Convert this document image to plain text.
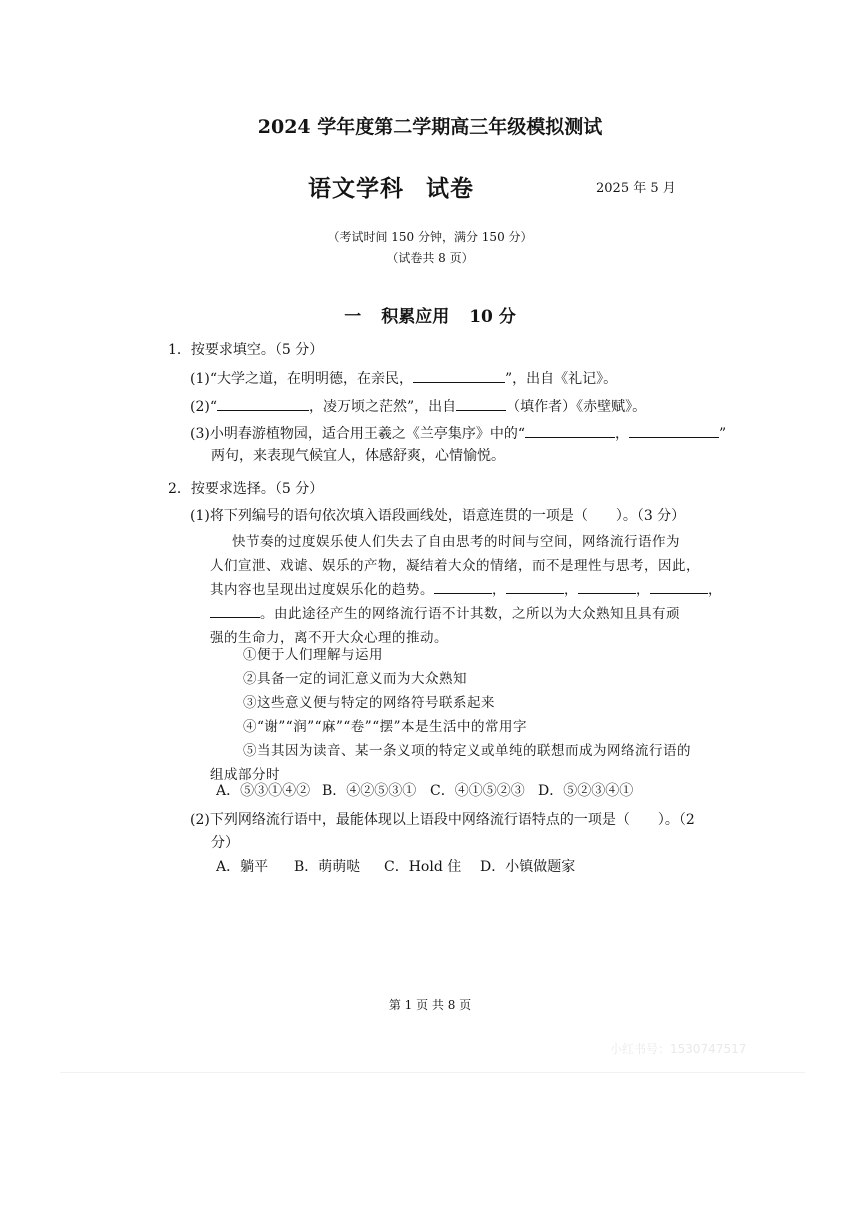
2024 学年度第二学期高三年级模拟测试
语文学科 试卷	2025 年 5 月
（考试时间 150 分钟，满分 150 分）
（试卷共 8 页）
一 积累应用 10 分
1．按要求填空。（5 分）
(1)“大学之道，在明明德，在亲民，	”，出自《礼记》。
(2)“	，凌万顷之茫然”，出自	（填作者）《赤壁赋》。
(3)小明春游植物园，适合用王羲之《兰亭集序》中的“	，	”
两句，来表现气候宜人，体感舒爽，心情愉悦。
2．按要求选择。（5 分）
(1)将下列编号的语句依次填入语段画线处，语意连贯的一项是（　　）。（3 分）
快节奏的过度娱乐使人们失去了自由思考的时间与空间，网络流行语作为
人们宣泄、戏谑、娱乐的产物，凝结着大众的情绪，而不是理性与思考，因此，
其内容也呈现出过度娱乐化的趋势。	，	，	，	，
。由此途径产生的网络流行语不计其数，之所以为大众熟知且具有顽
强的生命力，离不开大众心理的推动。
①便于人们理解与运用
②具备一定的词汇意义而为大众熟知
③这些意义便与特定的网络符号联系起来
④“谢”“润”“麻”“卷”“摆”本是生活中的常用字
⑤当其因为读音、某一条义项的特定义或单纯的联想而成为网络流行语的
组成部分时
A．⑤③①④② B．④②⑤③① C．④①⑤②③ D．⑤②③④①
(2)下列网络流行语中，最能体现以上语段中网络流行语特点的一项是（　　）。（2
分）
A．躺平 B．萌萌哒 C．Hold 住 D．小镇做题家
第 1 页 共 8 页
小红书号：1530747517
